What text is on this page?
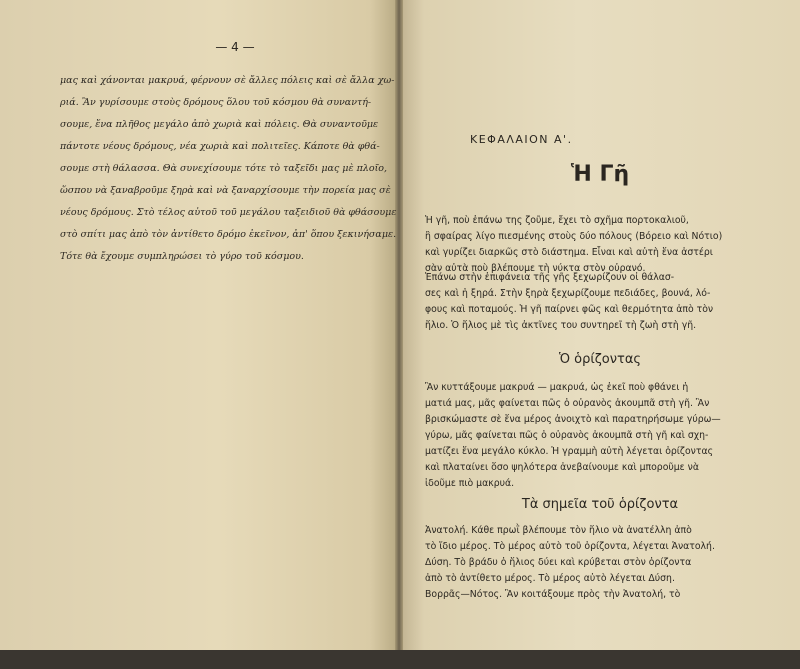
— 4 —
μας καὶ χάνονται μακρυά, φέρνουν σὲ ἄλλες πόλεις καὶ σὲ ἄλλα χω-
ριά. Ἂν γυρίσουμε στοὺς δρόμους ὅλου τοῦ κόσμου θὰ συναντή-
σουμε, ἕνα πλῆθος μεγάλο ἀπὸ χωριὰ καὶ πόλεις. Θὰ συναντοῦμε
πάντοτε νέους δρόμους, νέα χωριὰ καὶ πολιτεῖες. Κάποτε θὰ φθά-
σουμε στὴ θάλασσα. Θὰ συνεχίσουμε τότε τὸ ταξεῖδι μας μὲ πλοῖο,
ὥσπου νὰ ξαναβροῦμε ξηρὰ καὶ νὰ ξαναρχίσουμε τὴν πορεία μας σὲ
νέους δρόμους. Στὸ τέλος αὐτοῦ τοῦ μεγάλου ταξειδιοῦ θὰ φθάσουμε
στὸ σπίτι μας ἀπὸ τὸν ἀντίθετο δρόμο ἐκεῖνον, ἀπ' ὅπου ξεκινήσαμε.
Τότε θὰ ἔχουμε συμπληρώσει τὸ γύρο τοῦ κόσμου.
ΚΕΦΑΛΑΙΟΝ Α'.
Ἡ Γῆ
Ἡ γῆ, ποὺ ἐπάνω της ζοῦμε, ἔχει τὸ σχῆμα πορτοκαλιοῦ,
ἢ σφαίρας λίγο πιεσμένης στοὺς δύο πόλους (Βόρειο καὶ Νότιο)
καὶ γυρίζει διαρκῶς στὸ διάστημα. Εἶναι καὶ αὐτὴ ἕνα ἀστέρι
σὰν αὐτὰ ποὺ βλέπουμε τὴ νύκτα στὸν οὐρανό.
Ἐπάνω στὴν ἐπιφάνεια τῆς γῆς ξεχωρίζουν οἱ θάλασ-
σες καὶ ἡ ξηρά. Στὴν ξηρὰ ξεχωρίζουμε πεδιάδες, βουνά, λό-
φους καὶ ποταμούς. Ἡ γῆ παίρνει φῶς καὶ θερμότητα ἀπὸ τὸν
ἥλιο. Ὁ ἥλιος μὲ τὶς ἀκτῖνες του συντηρεῖ τὴ ζωὴ στὴ γῆ.
Ὁ ὁρίζοντας
Ἂν κυττάξουμε μακρυά — μακρυά, ὡς ἐκεῖ ποὺ φθάνει ἡ
ματιά μας, μᾶς φαίνεται πῶς ὁ οὐρανὸς ἀκουμπᾶ στὴ γῆ. Ἂν
βρισκώμαστε σὲ ἕνα μέρος ἀνοιχτὸ καὶ παρατηρήσωμε γύρω—
γύρω, μᾶς φαίνεται πῶς ὁ οὐρανὸς ἀκουμπᾶ στὴ γῆ καὶ σχη-
ματίζει ἕνα μεγάλο κύκλο. Ἡ γραμμὴ αὐτὴ λέγεται ὁρίζοντας
καὶ πλαταίνει ὅσο ψηλότερα ἀνεβαίνουμε καὶ μποροῦμε νὰ
ἰδοῦμε πιὸ μακρυά.
Τὰ σημεῖα τοῦ ὁρίζοντα
Ἀνατολή. Κάθε πρωῒ βλέπουμε τὸν ἥλιο νὰ ἀνατέλλη ἀπὸ
τὸ ἴδιο μέρος. Τὸ μέρος αὐτὸ τοῦ ὁρίζοντα, λέγεται Ἀνατολή.
Δύση. Τὸ βράδυ ὁ ἥλιος δύει καὶ κρύβεται στὸν ὁρίζοντα
ἀπὸ τὸ ἀντίθετο μέρος. Τὸ μέρος αὐτὸ λέγεται Δύση.
Βορρᾶς—Νότος. Ἂν κοιτάξουμε πρὸς τὴν Ἀνατολή, τὸ
